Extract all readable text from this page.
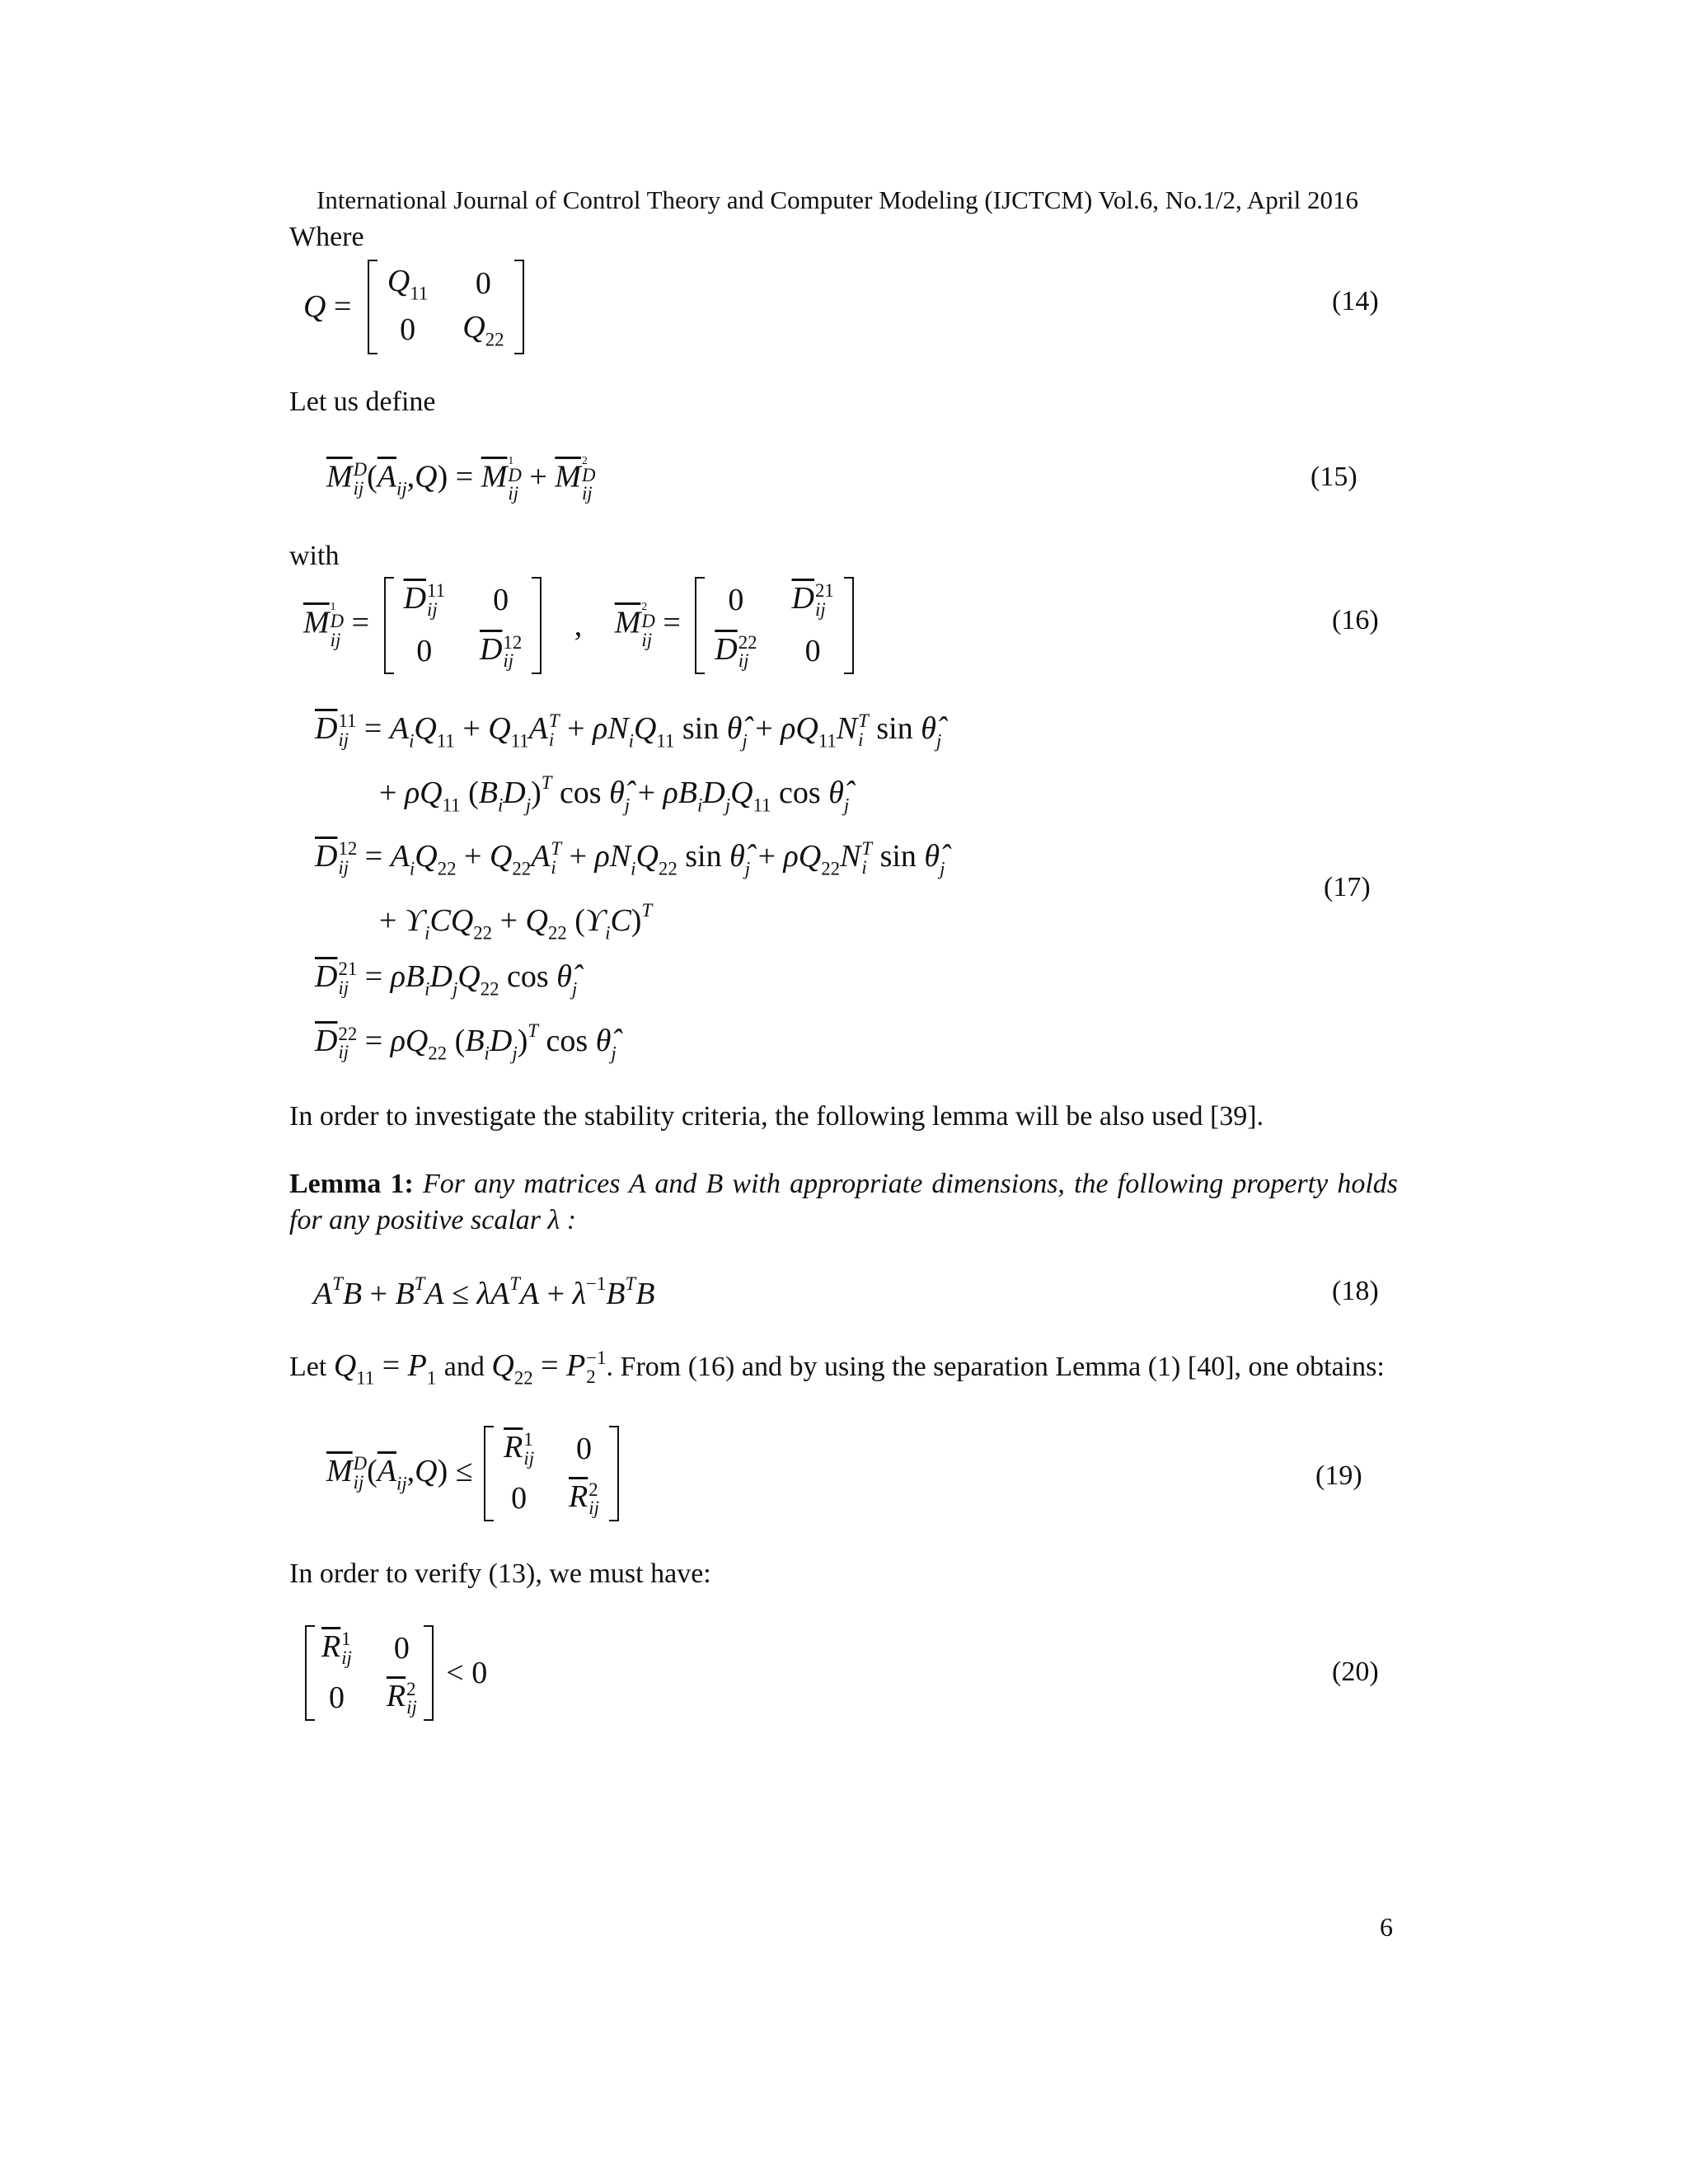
International Journal of Control Theory and Computer Modeling (IJCTCM) Vol.6, No.1/2, April 2016
Where
Q =
$Q_{11}$ 0
0 $Q_{22}$
(14)
Let us define
$\overline{M}$ D
ij $(\overline{A}_{ij},Q) = \overline{M}$ 1
D
ij + $\overline{M}$ 2
D
ij
(15)
with
$\overline{M}$ 1
D
ij =
$\overline{D}$ 11
ij 0
0 $\overline{D}$ 12
ij
, $\overline{M}$ 2
D
ij =
0 $\overline{D}$ 21
ij
$\overline{D}$ 22
ij 0
(16)
$\overline{D}$ 11
ij = $A_iQ_{11} + Q_{11}A$ T
$i + \rho N_iQ_{11}$ $\sin \thetâ_j + \rho Q_{11}N$ T
i $\sin \thetâ_j$
+ $\rho Q_{11}$ $(B_iD_j)^T$ $\cos \thetâ_j + \rho B_iD_jQ_{11}$ $\cos \thetâ_j$
$\overline{D}$ 12
ij = $A_iQ_{22} + Q_{22}A$ T
$i + \rho N_iQ_{22}$ $\sin \thetâ_j + \rho Q_{22}N$ T
i $\sin \thetâ_j$
+ $ϒ_iCQ_{22} + Q_{22}$ $(ϒ_iC)^T$
$\overline{D}$ 21
ij = $\rho B_iD_jQ_{22}$ $\cos \thetâ_j$
$\overline{D}$ 22
ij = $\rho Q_{22}$ $(B_iD_j)^T$ $\cos \thetâ_j$
(17)
In order to investigate the stability criteria, the following lemma will be also used [39].
Lemma 1: For any matrices A and B with appropriate dimensions, the following property holds for any positive scalar λ :
$A^TB + B^TA \le \lambda A^TA + \lambda^{-1}B^TB$	(18)
Let $Q_{11} = P_1$ and $Q_{22} = P -1$
2 . From (16) and by using the separation Lemma (1) [40], one obtains:
$\overline{M}$ D
ij $(\overline{A}_{ij},Q)$ ≤
$\overline{R}$ 1
ij 0
0 $\overline{R}$ 2
ij
(19)
In order to verify (13), we must have:
$\overline{R}$ 1
ij 0
0 $\overline{R}$ 2
ij
< 0	(20)
6
